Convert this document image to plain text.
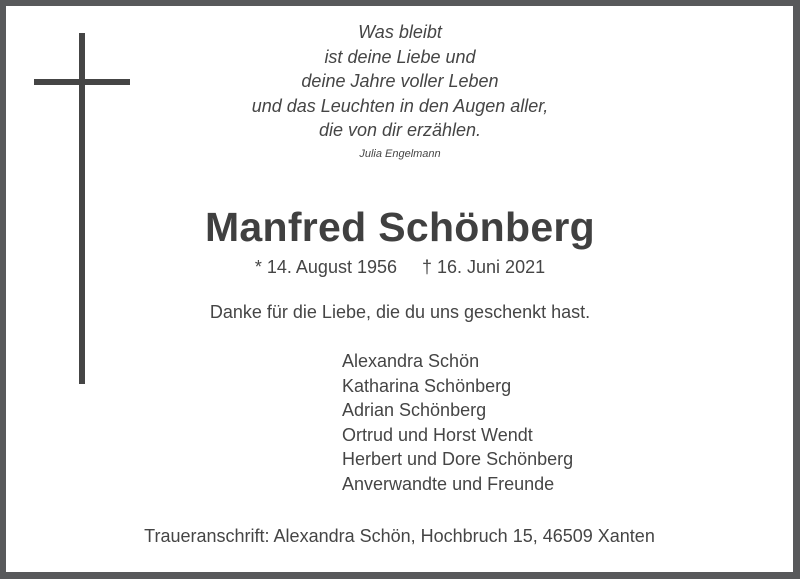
Was bleibt
ist deine Liebe und
deine Jahre voller Leben
und das Leuchten in den Augen aller,
die von dir erzählen.
Julia Engelmann
Manfred Schönberg
* 14. August 1956     † 16. Juni 2021
Danke für die Liebe, die du uns geschenkt hast.
Alexandra Schön
Katharina Schönberg
Adrian Schönberg
Ortrud und Horst Wendt
Herbert und Dore Schönberg
Anverwandte und Freunde
Traueranschrift: Alexandra Schön, Hochbruch 15, 46509 Xanten
